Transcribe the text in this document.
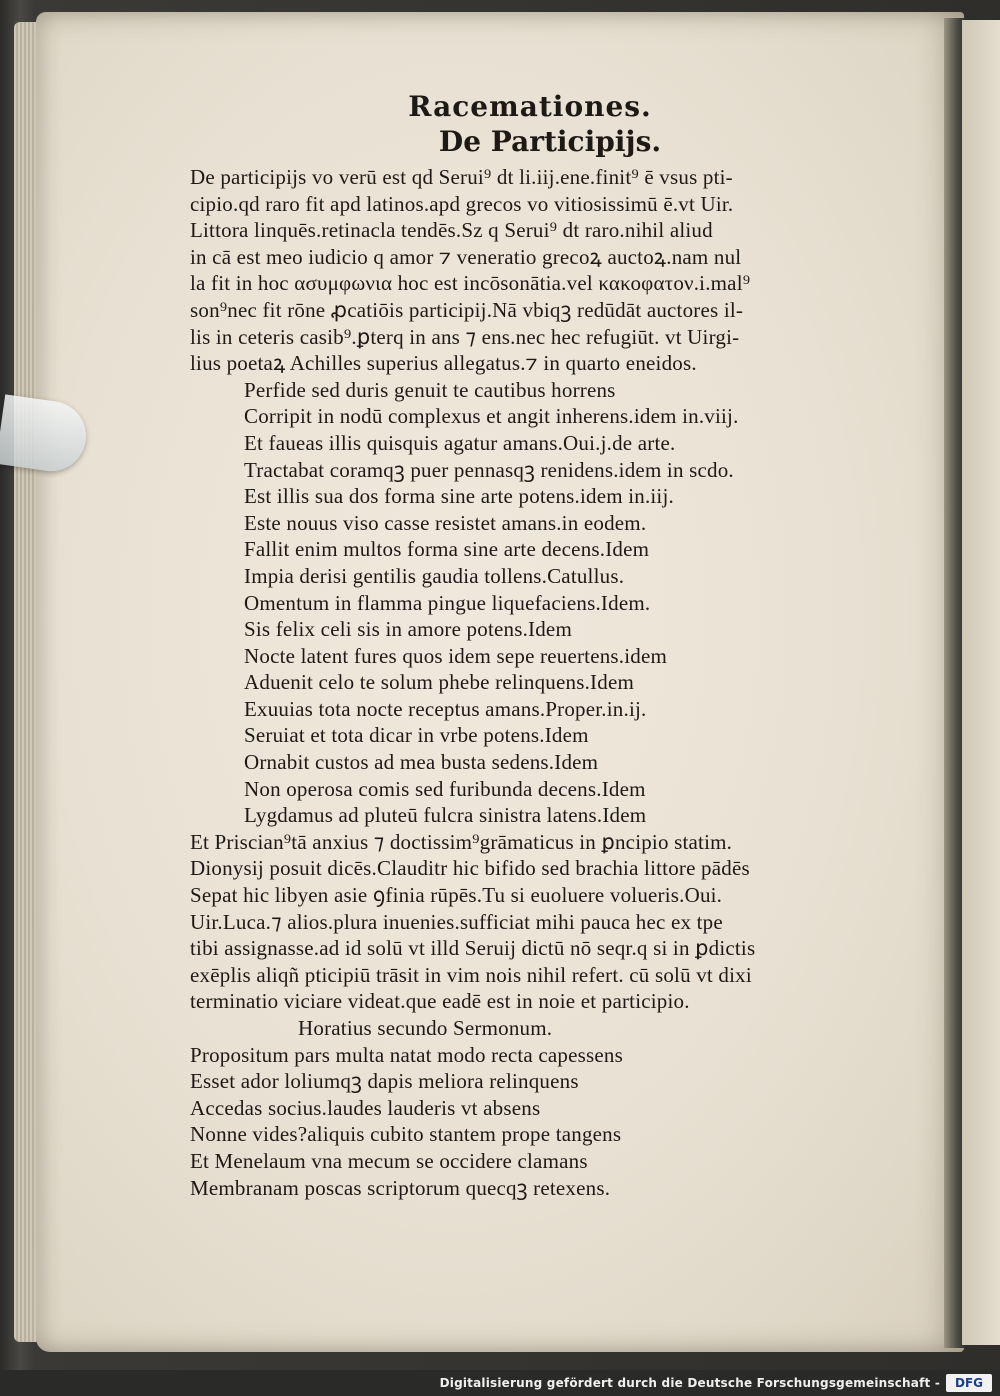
Racemationes.
De Participijs.
De participijs vo verū est qd Serui⁹ dt li.iij.ene.finit⁹ ē vsus pti-
cipio.qd raro fit apd latinos.apd grecos vo vitiosissimū ē.vt Uir.
Littora linquēs.retinacla tendēs.Sz q Serui⁹ dt raro.nihil aliud
in cā est meo iudicio q amor ⁊ veneratio grecoꝝ auctoꝝ.nam nul
la fit in hoc ασυμφωνια hoc est incōsonātia.vel κακοφατον.i.mal⁹
son⁹nec fit rōne ꝓcatiōis participij.Nā vbiqꝫ redūdāt auctores il-
lis in ceteris casib⁹.ꝑterq in ans ⁊ ens.nec hec refugiūt. vt Uirgi-
lius poetaꝝ Achilles superius allegatus.⁊ in quarto eneidos.
Perfide sed duris genuit te cautibus horrens
Corripit in nodū complexus et angit inherens.idem in.viij.
Et faueas illis quisquis agatur amans.Oui.j.de arte.
Tractabat coramqꝫ puer pennasqꝫ renidens.idem in scdo.
Est illis sua dos forma sine arte potens.idem in.iij.
Este nouus viso casse resistet amans.in eodem.
Fallit enim multos forma sine arte decens.Idem
Impia derisi gentilis gaudia tollens.Catullus.
Omentum in flamma pingue liquefaciens.Idem.
Sis felix celi sis in amore potens.Idem
Nocte latent fures quos idem sepe reuertens.idem
Aduenit celo te solum phebe relinquens.Idem
Exuuias tota nocte receptus amans.Proper.in.ij.
Seruiat et tota dicar in vrbe potens.Idem
Ornabit custos ad mea busta sedens.Idem
Non operosa comis sed furibunda decens.Idem
Lygdamus ad pluteū fulcra sinistra latens.Idem
Et Priscian⁹tā anxius ⁊ doctissim⁹grāmaticus in ꝑncipio statim.
Dionysij posuit dicēs.Clauditr hic bifido sed brachia littore pādēs
Sepat hic libyen asie ꝯfinia rūpēs.Tu si euoluere volueris.Oui.
Uir.Luca.⁊ alios.plura inuenies.sufficiat mihi pauca hec ex tpe
tibi assignasse.ad id solū vt illd Seruij dictū nō seqr.q si in ꝑdictis
exēplis aliqñ pticipiū trāsit in vim nois nihil refert. cū solū vt dixi
terminatio viciare videat.que eadē est in noie et participio.
Horatius secundo Sermonum.
Propositum pars multa natat modo recta capessens
Esset ador loliumqꝫ dapis meliora relinquens
Accedas socius.laudes lauderis vt absens
Nonne vides?aliquis cubito stantem prope tangens
Et Menelaum vna mecum se occidere clamans
Membranam poscas scriptorum quecqꝫ retexens.
Digitalisierung gefördert durch die Deutsche Forschungsgemeinschaft -	DFG
